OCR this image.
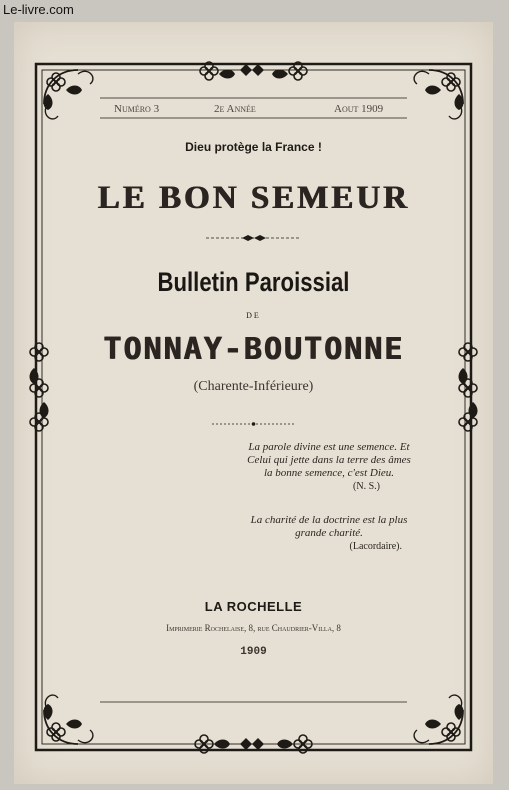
Le-livre.com
Numéro 3	2e Année	Aout 1909
Dieu protège la France !
LE BON SEMEUR
Bulletin Paroissial
DE
TONNAY-BOUTONNE
(Charente-Inférieure)
La parole divine est une semence. Et Celui qui jette dans la terre des âmes la bonne semence, c'est Dieu.
(N. S.)
La charité de la doctrine est la plus grande charité.
(Lacordaire).
LA ROCHELLE
Imprimerie Rochelaise, 8, rue Chaudrier-Villa, 8
1909
